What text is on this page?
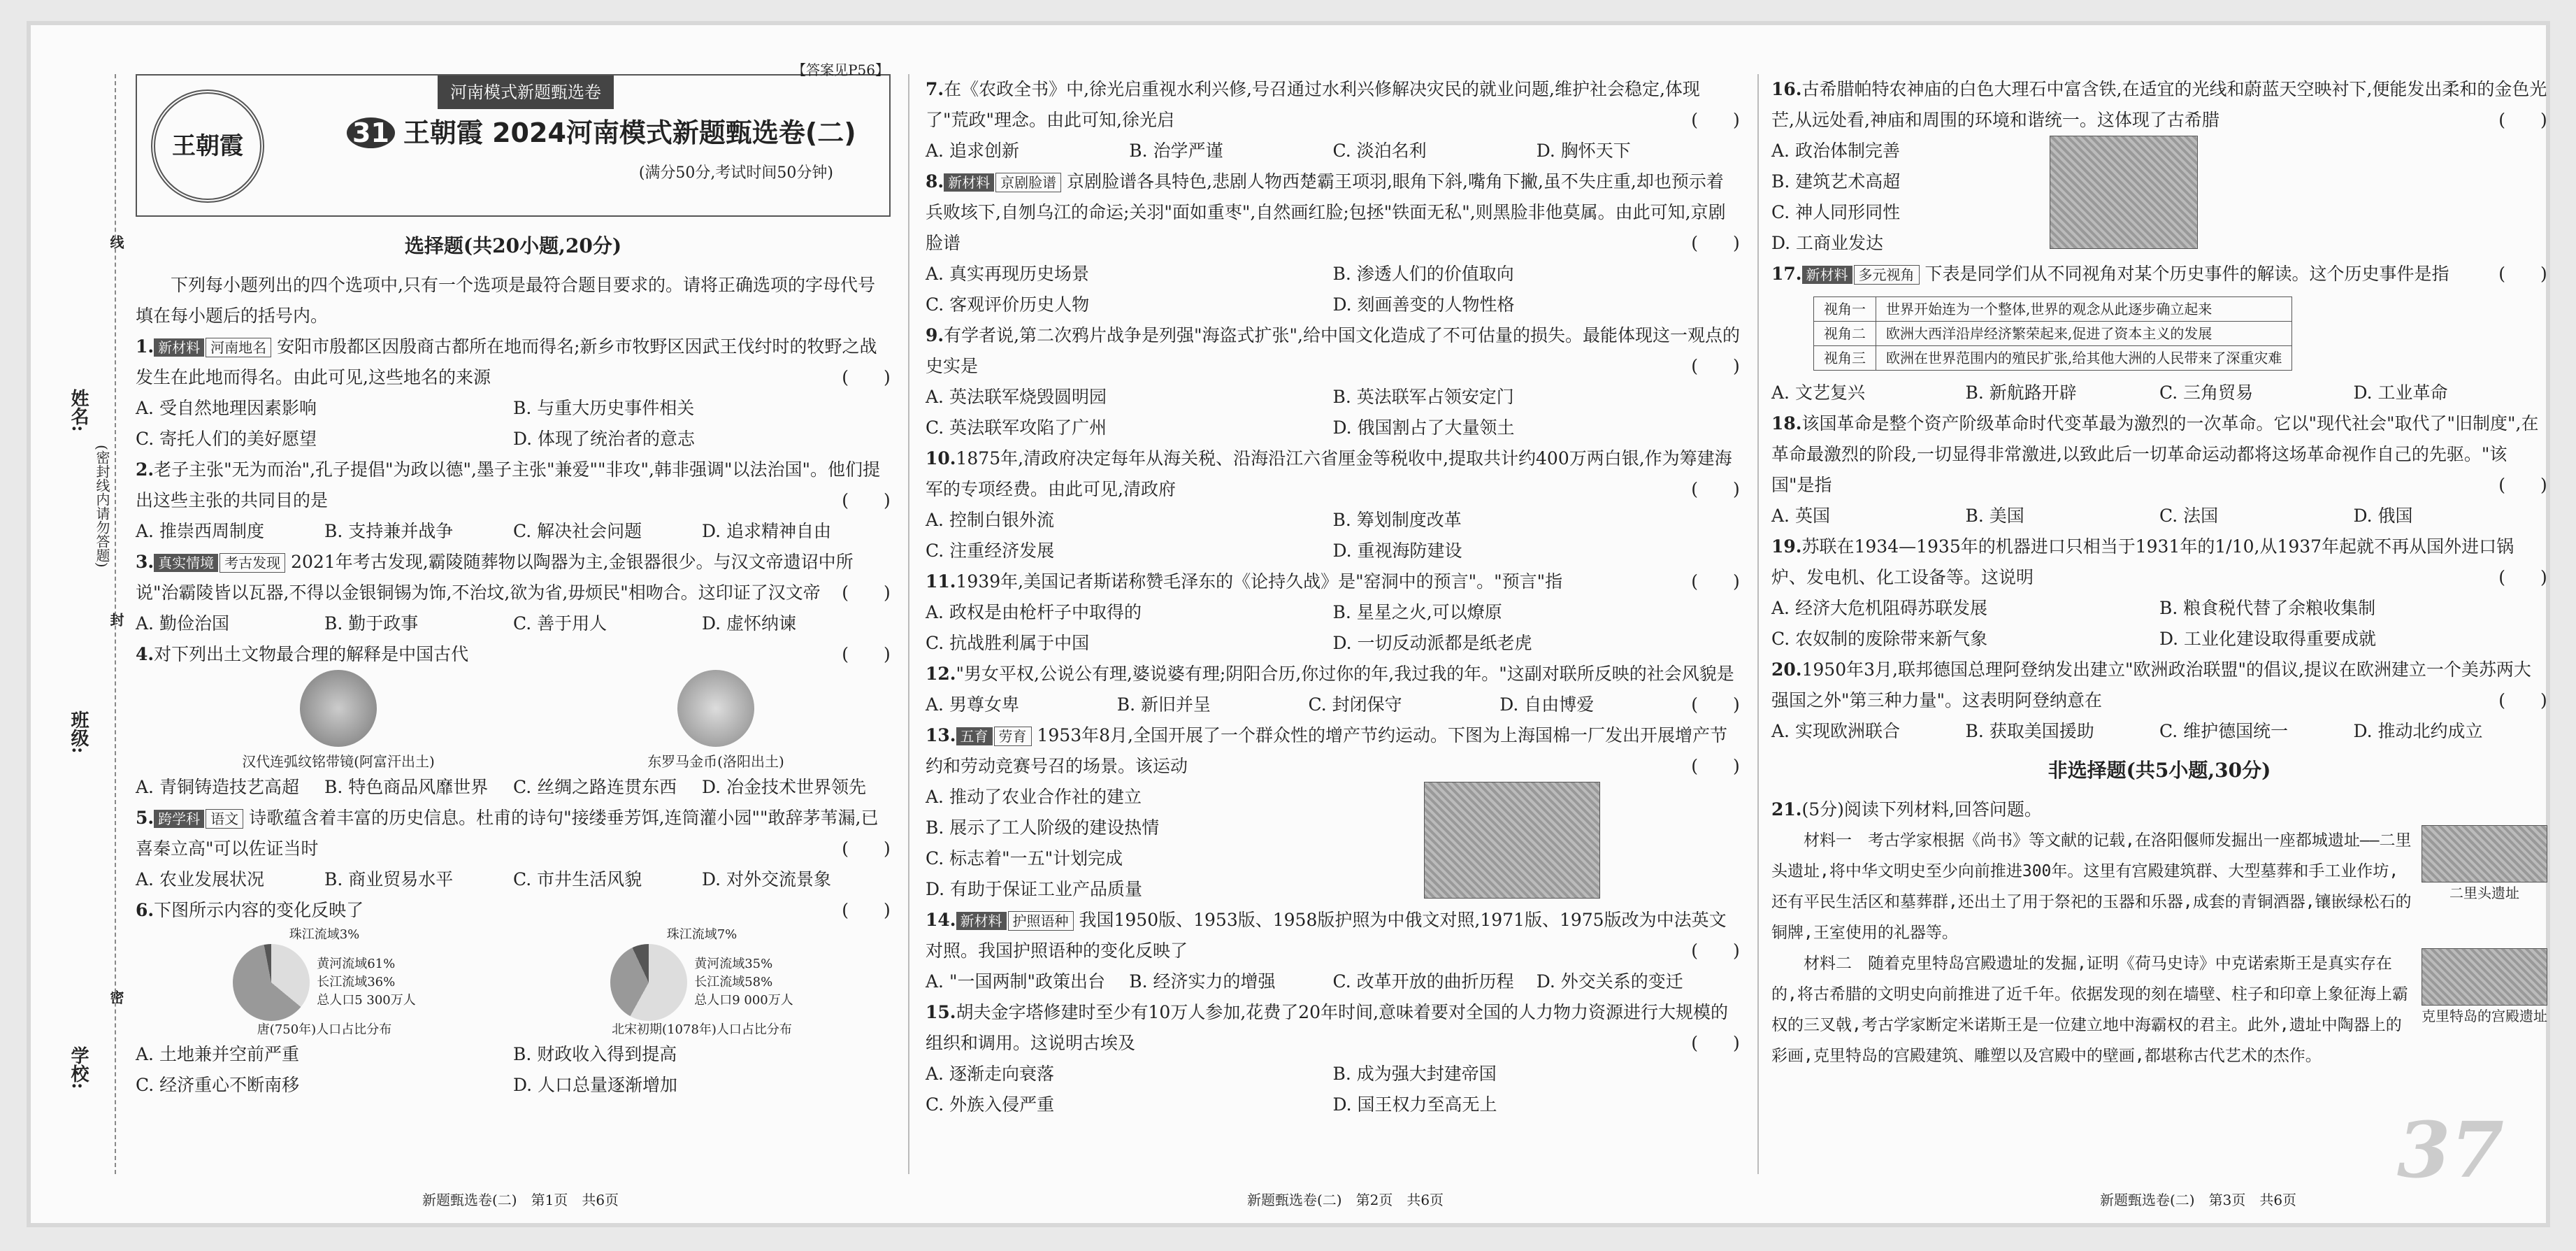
姓名:
班级:
学校:
(密封线内请勿答题)
线
封
密
【答案见P56】
河南模式新题甄选卷
王朝霞	31 王朝霞 2024河南模式新题甄选卷(二)
(满分50分,考试时间50分钟)
选择题(共20小题,20分)

下列每小题列出的四个选项中,只有一个选项是最符合题目要求的。请将正确选项的字母代号填在每小题后的括号内。

1. 新材料 河南地名 安阳市殷都区因殷商古都所在地而得名;新乡市牧野区因武王伐纣时的牧野之战发生在此地而得名。由此可见,这些地名的来源	(　　)
A. 受自然地理因素影响	B. 与重大历史事件相关
C. 寄托人们的美好愿望	D. 体现了统治者的意志
2.老子主张"无为而治",孔子提倡"为政以德",墨子主张"兼爱""非攻",韩非强调"以法治国"。他们提出这些主张的共同目的是	(　　)
A. 推崇西周制度	B. 支持兼并战争	C. 解决社会问题	D. 追求精神自由
3. 真实情境 考古发现 2021年考古发现,霸陵随葬物以陶器为主,金银器很少。与汉文帝遗诏中所说"治霸陵皆以瓦器,不得以金银铜锡为饰,不治坟,欲为省,毋烦民"相吻合。这印证了汉文帝 (　　)
A. 勤俭治国	B. 勤于政事	C. 善于用人	D. 虚怀纳谏
4.对下列出土文物最合理的解释是中国古代	(　　)
汉代连弧纹铭带镜(阿富汗出土)	东罗马金币(洛阳出土)
A. 青铜铸造技艺高超	B. 特色商品风靡世界	C. 丝绸之路连贯东西	D. 冶金技术世界领先
5. 跨学科 语文 诗歌蕴含着丰富的历史信息。杜甫的诗句"接缕垂芳饵,连筒灌小园""敢辞茅苇漏,已喜秦立高"可以佐证当时	(　　)
A. 农业发展状况	B. 商业贸易水平	C. 市井生活风貌	D. 对外交流景象
6.下图所示内容的变化反映了	(　　)
珠江流域3%
黄河流域61%
长江流域36%
总人口5 300万人
唐(750年)人口占比分布
珠江流域7%
黄河流域35%
长江流域58%
总人口9 000万人
北宋初期(1078年)人口占比分布
A. 土地兼并空前严重	B. 财政收入得到提高
C. 经济重心不断南移	D. 人口总量逐渐增加
新题甄选卷(二)　第1页　共6页
7.在《农政全书》中,徐光启重视水利兴修,号召通过水利兴修解决灾民的就业问题,维护社会稳定,体现了"荒政"理念。由此可知,徐光启	(　　)
A. 追求创新	B. 治学严谨	C. 淡泊名利	D. 胸怀天下
8. 新材料 京剧脸谱 京剧脸谱各具特色,悲剧人物西楚霸王项羽,眼角下斜,嘴角下撇,虽不失庄重,却也预示着兵败垓下,自刎乌江的命运;关羽"面如重枣",自然画红脸;包拯"铁面无私",则黑脸非他莫属。由此可知,京剧脸谱	(　　)
A. 真实再现历史场景	B. 渗透人们的价值取向
C. 客观评价历史人物	D. 刻画善变的人物性格
9.有学者说,第二次鸦片战争是列强"海盗式扩张",给中国文化造成了不可估量的损失。最能体现这一观点的史实是	(　　)
A. 英法联军烧毁圆明园	B. 英法联军占领安定门
C. 英法联军攻陷了广州	D. 俄国割占了大量领土
10.1875年,清政府决定每年从海关税、沿海沿江六省厘金等税收中,提取共计约400万两白银,作为筹建海军的专项经费。由此可见,清政府	(　　)
A. 控制白银外流	B. 筹划制度改革
C. 注重经济发展	D. 重视海防建设
11.1939年,美国记者斯诺称赞毛泽东的《论持久战》是"窑洞中的预言"。"预言"指	(　　)
A. 政权是由枪杆子中取得的	B. 星星之火,可以燎原
C. 抗战胜利属于中国	D. 一切反动派都是纸老虎
12."男女平权,公说公有理,婆说婆有理;阴阳合历,你过你的年,我过我的年。"这副对联所反映的社会风貌是
(　　)
A. 男尊女卑	B. 新旧并呈	C. 封闭保守	D. 自由博爱
13. 五育 劳育 1953年8月,全国开展了一个群众性的增产节约运动。下图为上海国棉一厂发出开展增产节约和劳动竞赛号召的场景。该运动	(　　)
A. 推动了农业合作社的建立
B. 展示了工人阶级的建设热情
C. 标志着"一五"计划完成
D. 有助于保证工业产品质量
14. 新材料 护照语种 我国1950版、1953版、1958版护照为中俄文对照,1971版、1975版改为中法英文对照。我国护照语种的变化反映了	(　　)
A. "一国两制"政策出台	B. 经济实力的增强	C. 改革开放的曲折历程	D. 外交关系的变迁
15.胡夫金字塔修建时至少有10万人参加,花费了20年时间,意味着要对全国的人力物力资源进行大规模的组织和调用。这说明古埃及	(　　)
A. 逐渐走向衰落	B. 成为强大封建帝国
C. 外族入侵严重	D. 国王权力至高无上
新题甄选卷(二)　第2页　共6页
16.古希腊帕特农神庙的白色大理石中富含铁,在适宜的光线和蔚蓝天空映衬下,便能发出柔和的金色光芒,从远处看,神庙和周围的环境和谐统一。这体现了古希腊	(　　)
A. 政治体制完善
B. 建筑艺术高超
C. 神人同形同性
D. 工商业发达
17. 新材料 多元视角 下表是同学们从不同视角对某个历史事件的解读。这个历史事件是指	(　　)
视角一	世界开始连为一个整体,世界的观念从此逐步确立起来
视角二	欧洲大西洋沿岸经济繁荣起来,促进了资本主义的发展
视角三	欧洲在世界范围内的殖民扩张,给其他大洲的人民带来了深重灾难
A. 文艺复兴	B. 新航路开辟	C. 三角贸易	D. 工业革命
18.该国革命是整个资产阶级革命时代变革最为激烈的一次革命。它以"现代社会"取代了"旧制度",在革命最激烈的阶段,一切显得非常激进,以致此后一切革命运动都将这场革命视作自己的先驱。"该国"是指	(　　)
A. 英国	B. 美国	C. 法国	D. 俄国
19.苏联在1934—1935年的机器进口只相当于1931年的1/10,从1937年起就不再从国外进口锅炉、发电机、化工设备等。这说明	(　　)
A. 经济大危机阻碍苏联发展	B. 粮食税代替了余粮收集制
C. 农奴制的废除带来新气象	D. 工业化建设取得重要成就
20.1950年3月,联邦德国总理阿登纳发出建立"欧洲政治联盟"的倡议,提议在欧洲建立一个美苏两大强国之外"第三种力量"。这表明阿登纳意在	(　　)
A. 实现欧洲联合	B. 获取美国援助	C. 维护德国统一	D. 推动北约成立
非选择题(共5小题,30分)
21.(5分)阅读下列材料,回答问题。
材料一　考古学家根据《尚书》等文献的记载,在洛阳偃师发掘出一座都城遗址——二里头遗址,将中华文明史至少向前推进300年。这里有宫殿建筑群、大型墓葬和手工业作坊,还有平民生活区和墓葬群,还出土了用于祭祀的玉器和乐器,成套的青铜酒器,镶嵌绿松石的铜牌,王室使用的礼器等。
二里头遗址
材料二　随着克里特岛宫殿遗址的发掘,证明《荷马史诗》中克诺索斯王是真实存在的,将古希腊的文明史向前推进了近千年。依据发现的刻在墙壁、柱子和印章上象征海上霸权的三叉戟,考古学家断定米诺斯王是一位建立地中海霸权的君主。此外,遗址中陶器上的彩画,克里特岛的宫殿建筑、雕塑以及宫殿中的壁画,都堪称古代艺术的杰作。
克里特岛的宫殿遗址
新题甄选卷(二)　第3页　共6页
37
